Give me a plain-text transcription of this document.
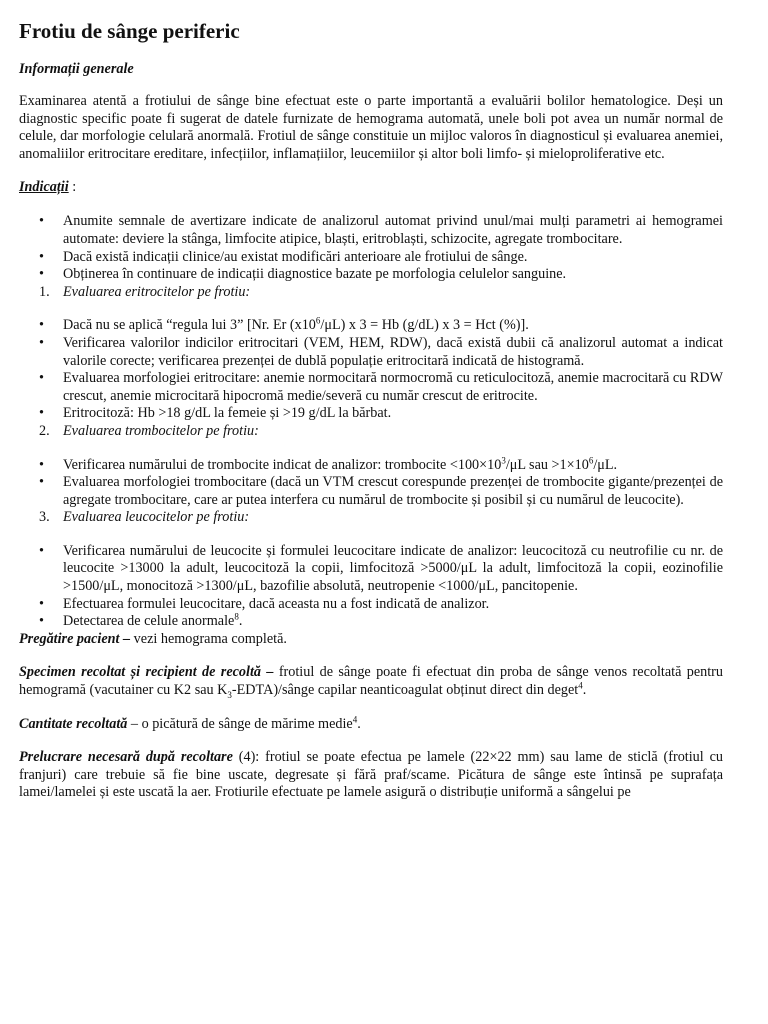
Frotiu de sânge periferic
Informații generale

Examinarea atentă a frotiului de sânge bine efectuat este o parte importantă a evaluării bolilor hematologice. Deși un diagnostic specific poate fi sugerat de datele furnizate de hemograma automată, unele boli pot avea un număr normal de celule, dar morfologie celulară anormală. Frotiul de sânge constituie un mijloc valoros în diagnosticul și evaluarea anemiei, anomaliilor eritrocitare ereditare, infecțiilor, inflamațiilor, leucemiilor și altor boli limfo- și mieloproliferative etc.

Indicații :
• Anumite semnale de avertizare indicate de analizorul automat privind unul/mai mulți parametri ai hemogramei automate: deviere la stânga, limfocite atipice, blaști, eritroblaști, schizocite, agregate trombocitare.
• Dacă există indicații clinice/au existat modificări anterioare ale frotiului de sânge.
• Obținerea în continuare de indicații diagnostice bazate pe morfologia celulelor sanguine.
1. Evaluarea eritrocitelor pe frotiu:
• Dacă nu se aplică “regula lui 3” [Nr. Er $(x10^6/\mu L)$ x 3 = Hb (g/dL) x 3 = Hct (%)].
• Verificarea valorilor indicilor eritrocitari (VEM, HEM, RDW), dacă există dubii că analizorul automat a indicat valorile corecte; verificarea prezenței de dublă populație eritrocitară indicată de histogramă.
• Evaluarea morfologiei eritrocitare: anemie normocitară normocromă cu reticulocitoză, anemie macrocitară cu RDW crescut, anemie microcitară hipocromă medie/severă cu număr crescut de eritrocite.
• Eritrocitoză: Hb >18 g/dL la femeie și >19 g/dL la bărbat.
2. Evaluarea trombocitelor pe frotiu:
• Verificarea numărului de trombocite indicat de analizor: trombocite $<100\times 10^3/\mu L$ sau $>1\times 10^6/\mu L$.
• Evaluarea morfologiei trombocitare (dacă un VTM crescut corespunde prezenței de trombocite gigante/prezenței de agregate trombocitare, care ar putea interfera cu numărul de trombocite și posibil și cu numărul de leucocite).
3. Evaluarea leucocitelor pe frotiu:
• Verificarea numărului de leucocite și formulei leucocitare indicate de analizor: leucocitoză cu neutrofilie cu nr. de leucocite >13000 la adult, leucocitoză la copii, limfocitoză >5000/μL la adult, limfocitoză la copii, eozinofilie >1500/μL, monocitoză >1300/μL, bazofilie absolută, neutropenie <1000/μL, pancitopenie.
• Efectuarea formulei leucocitare, dacă aceasta nu a fost indicată de analizor.
• Detectarea de celule anormale$^8$.

Pregătire pacient – vezi hemograma completă.

Specimen recoltat și recipient de recoltă – frotiul de sânge poate fi efectuat din proba de sânge venos recoltată pentru hemogramă (vacutainer cu K2 sau $K_3-EDTA$)/sânge capilar neanticoagulat obținut direct din deget$^4$.

Cantitate recoltată – o picătură de sânge de mărime medie$^4$.

Prelucrare necesară după recoltare (4): frotiul se poate efectua pe lamele (22×22 mm) sau lame de sticlă (frotiul cu franjuri) care trebuie să fie bine uscate, degresate și fără praf/scame. Picătura de sânge este întinsă pe suprafața lamei/lamelei și este uscată la aer. Frotiurile efectuate pe lamele asigură o distribuție uniformă a sângelui pe
